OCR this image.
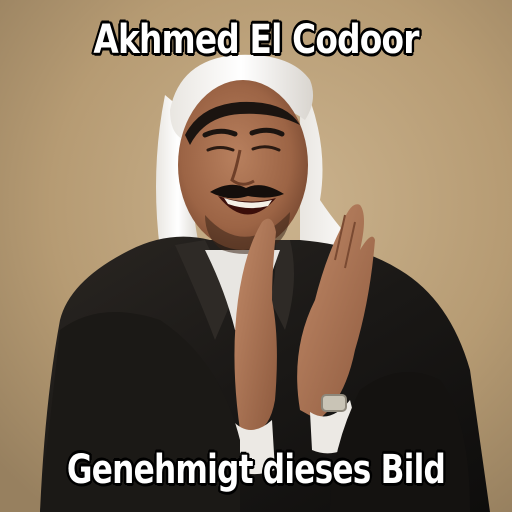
Akhmed El Codoor
Genehmigt dieses Bild
